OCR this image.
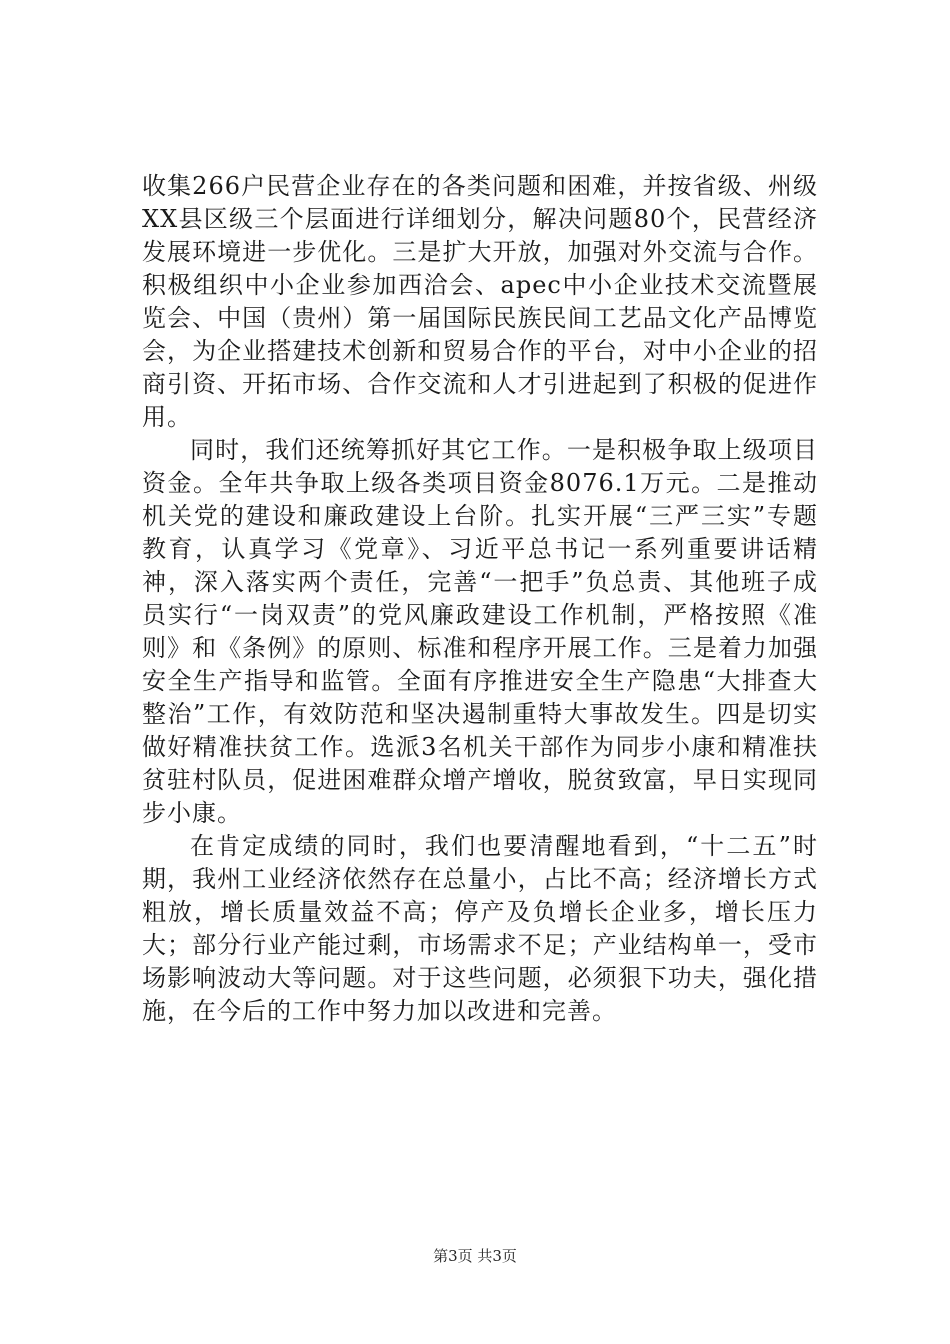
收集266户民营企业存在的各类问题和困难，并按省级、州级XX县区级三个层面进行详细划分，解决问题80个，民营经济发展环境进一步优化。三是扩大开放，加强对外交流与合作。积极组织中小企业参加西洽会、apec中小企业技术交流暨展览会、中国（贵州）第一届国际民族民间工艺品文化产品博览会，为企业搭建技术创新和贸易合作的平台，对中小企业的招商引资、开拓市场、合作交流和人才引进起到了积极的促进作用。

同时，我们还统筹抓好其它工作。一是积极争取上级项目资金。全年共争取上级各类项目资金8076.1万元。二是推动机关党的建设和廉政建设上台阶。扎实开展“三严三实”专题教育，认真学习《党章》、习近平总书记一系列重要讲话精神，深入落实两个责任，完善“一把手”负总责、其他班子成员实行“一岗双责”的党风廉政建设工作机制，严格按照《准则》和《条例》的原则、标准和程序开展工作。三是着力加强安全生产指导和监管。全面有序推进安全生产隐患“大排查大整治”工作，有效防范和坚决遏制重特大事故发生。四是切实做好精准扶贫工作。选派3名机关干部作为同步小康和精准扶贫驻村队员，促进困难群众增产增收，脱贫致富，早日实现同步小康。

在肯定成绩的同时，我们也要清醒地看到，“十二五”时期，我州工业经济依然存在总量小，占比不高；经济增长方式粗放，增长质量效益不高；停产及负增长企业多，增长压力大；部分行业产能过剩，市场需求不足；产业结构单一，受市场影响波动大等问题。对于这些问题，必须狠下功夫，强化措施，在今后的工作中努力加以改进和完善。

第3页 共3页
